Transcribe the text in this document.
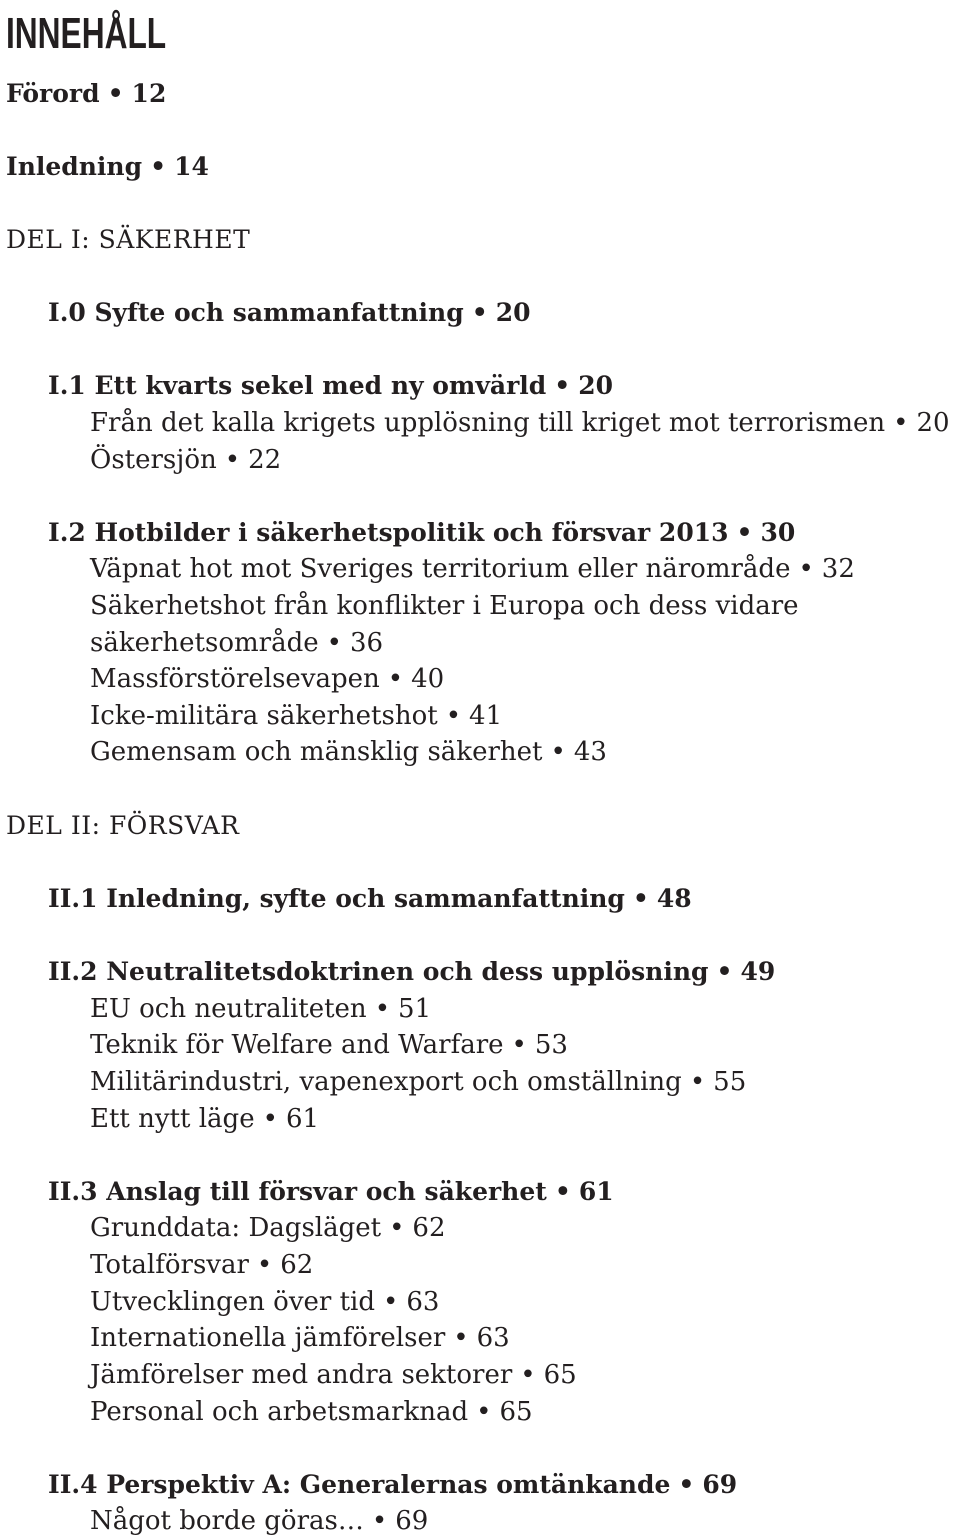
INNEHÅLL
Förord • 12
Inledning • 14
DEL I: SÄKERHET
I.0 Syfte och sammanfattning • 20
I.1 Ett kvarts sekel med ny omvärld • 20
Från det kalla krigets upplösning till kriget mot terrorismen • 20
Östersjön • 22
I.2 Hotbilder i säkerhetspolitik och försvar 2013 • 30
Väpnat hot mot Sveriges territorium eller närområde • 32
Säkerhetshot från konflikter i Europa och dess vidare
säkerhetsområde • 36
Massförstörelsevapen • 40
Icke-militära säkerhetshot • 41
Gemensam och mänsklig säkerhet • 43
DEL II: FÖRSVAR
II.1 Inledning, syfte och sammanfattning • 48
II.2 Neutralitetsdoktrinen och dess upplösning • 49
EU och neutraliteten • 51
Teknik för Welfare and Warfare • 53
Militärindustri, vapenexport och omställning • 55
Ett nytt läge • 61
II.3 Anslag till försvar och säkerhet • 61
Grunddata: Dagsläget • 62
Totalförsvar • 62
Utvecklingen över tid • 63
Internationella jämförelser • 63
Jämförelser med andra sektorer • 65
Personal och arbetsmarknad • 65
II.4 Perspektiv A: Generalernas omtänkande • 69
Något borde göras… • 69
